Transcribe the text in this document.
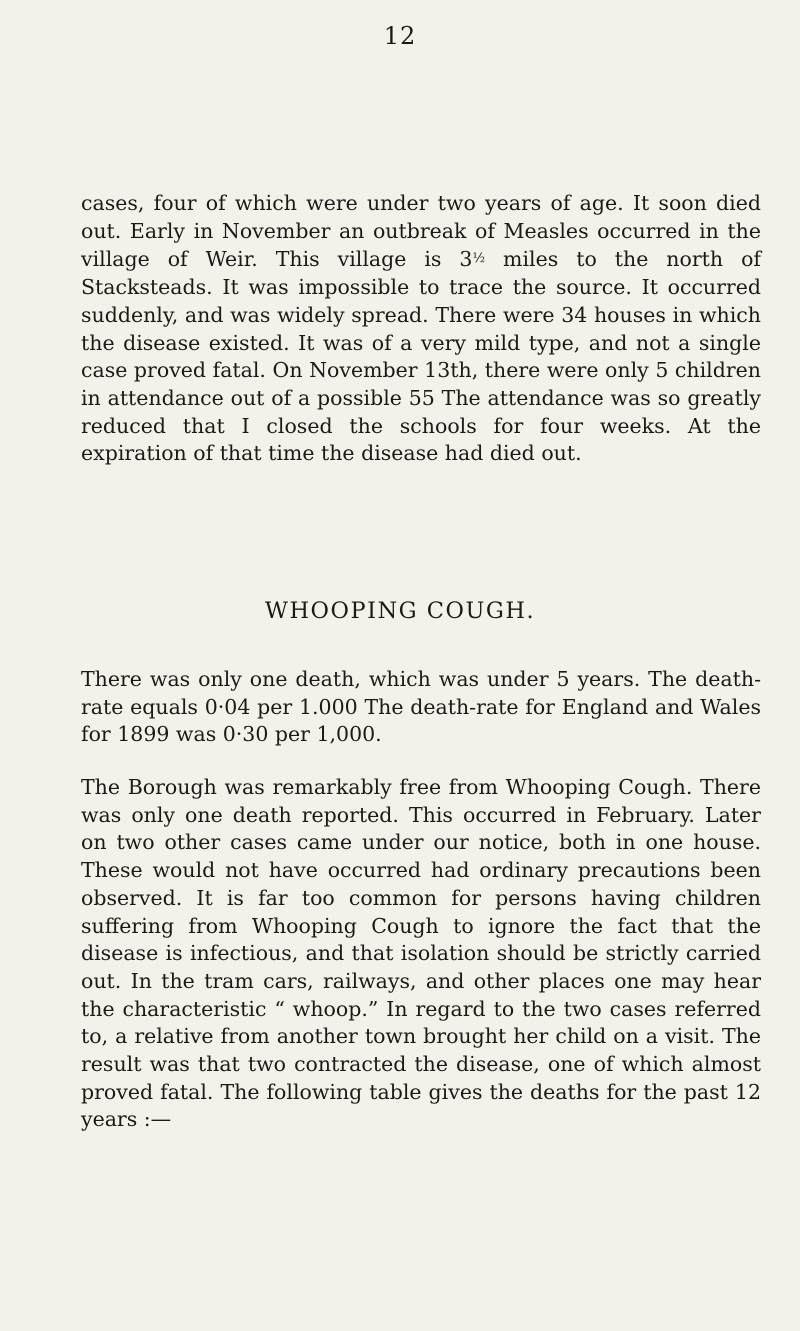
12

cases, four of which were under two years of age. It soon died out. Early in November an outbreak of Measles occurred in the village of Weir. This village is 3½ miles to the north of Stacksteads. It was impossible to trace the source. It occurred suddenly, and was widely spread. There were 34 houses in which the disease existed. It was of a very mild type, and not a single case proved fatal. On November 13th, there were only 5 children in attendance out of a possible 55 The attendance was so greatly reduced that I closed the schools for four weeks. At the expiration of that time the disease had died out.

WHOOPING COUGH.

There was only one death, which was under 5 years. The death-rate equals 0·04 per 1.000 The death-rate for England and Wales for 1899 was 0·30 per 1,000.

The Borough was remarkably free from Whooping Cough. There was only one death reported. This occurred in February. Later on two other cases came under our notice, both in one house. These would not have occurred had ordinary precautions been observed. It is far too common for persons having children suffering from Whooping Cough to ignore the fact that the disease is infectious, and that isolation should be strictly carried out. In the tram cars, railways, and other places one may hear the characteristic “ whoop.” In regard to the two cases referred to, a relative from another town brought her child on a visit. The result was that two contracted the disease, one of which almost proved fatal. The following table gives the deaths for the past 12 years :—
